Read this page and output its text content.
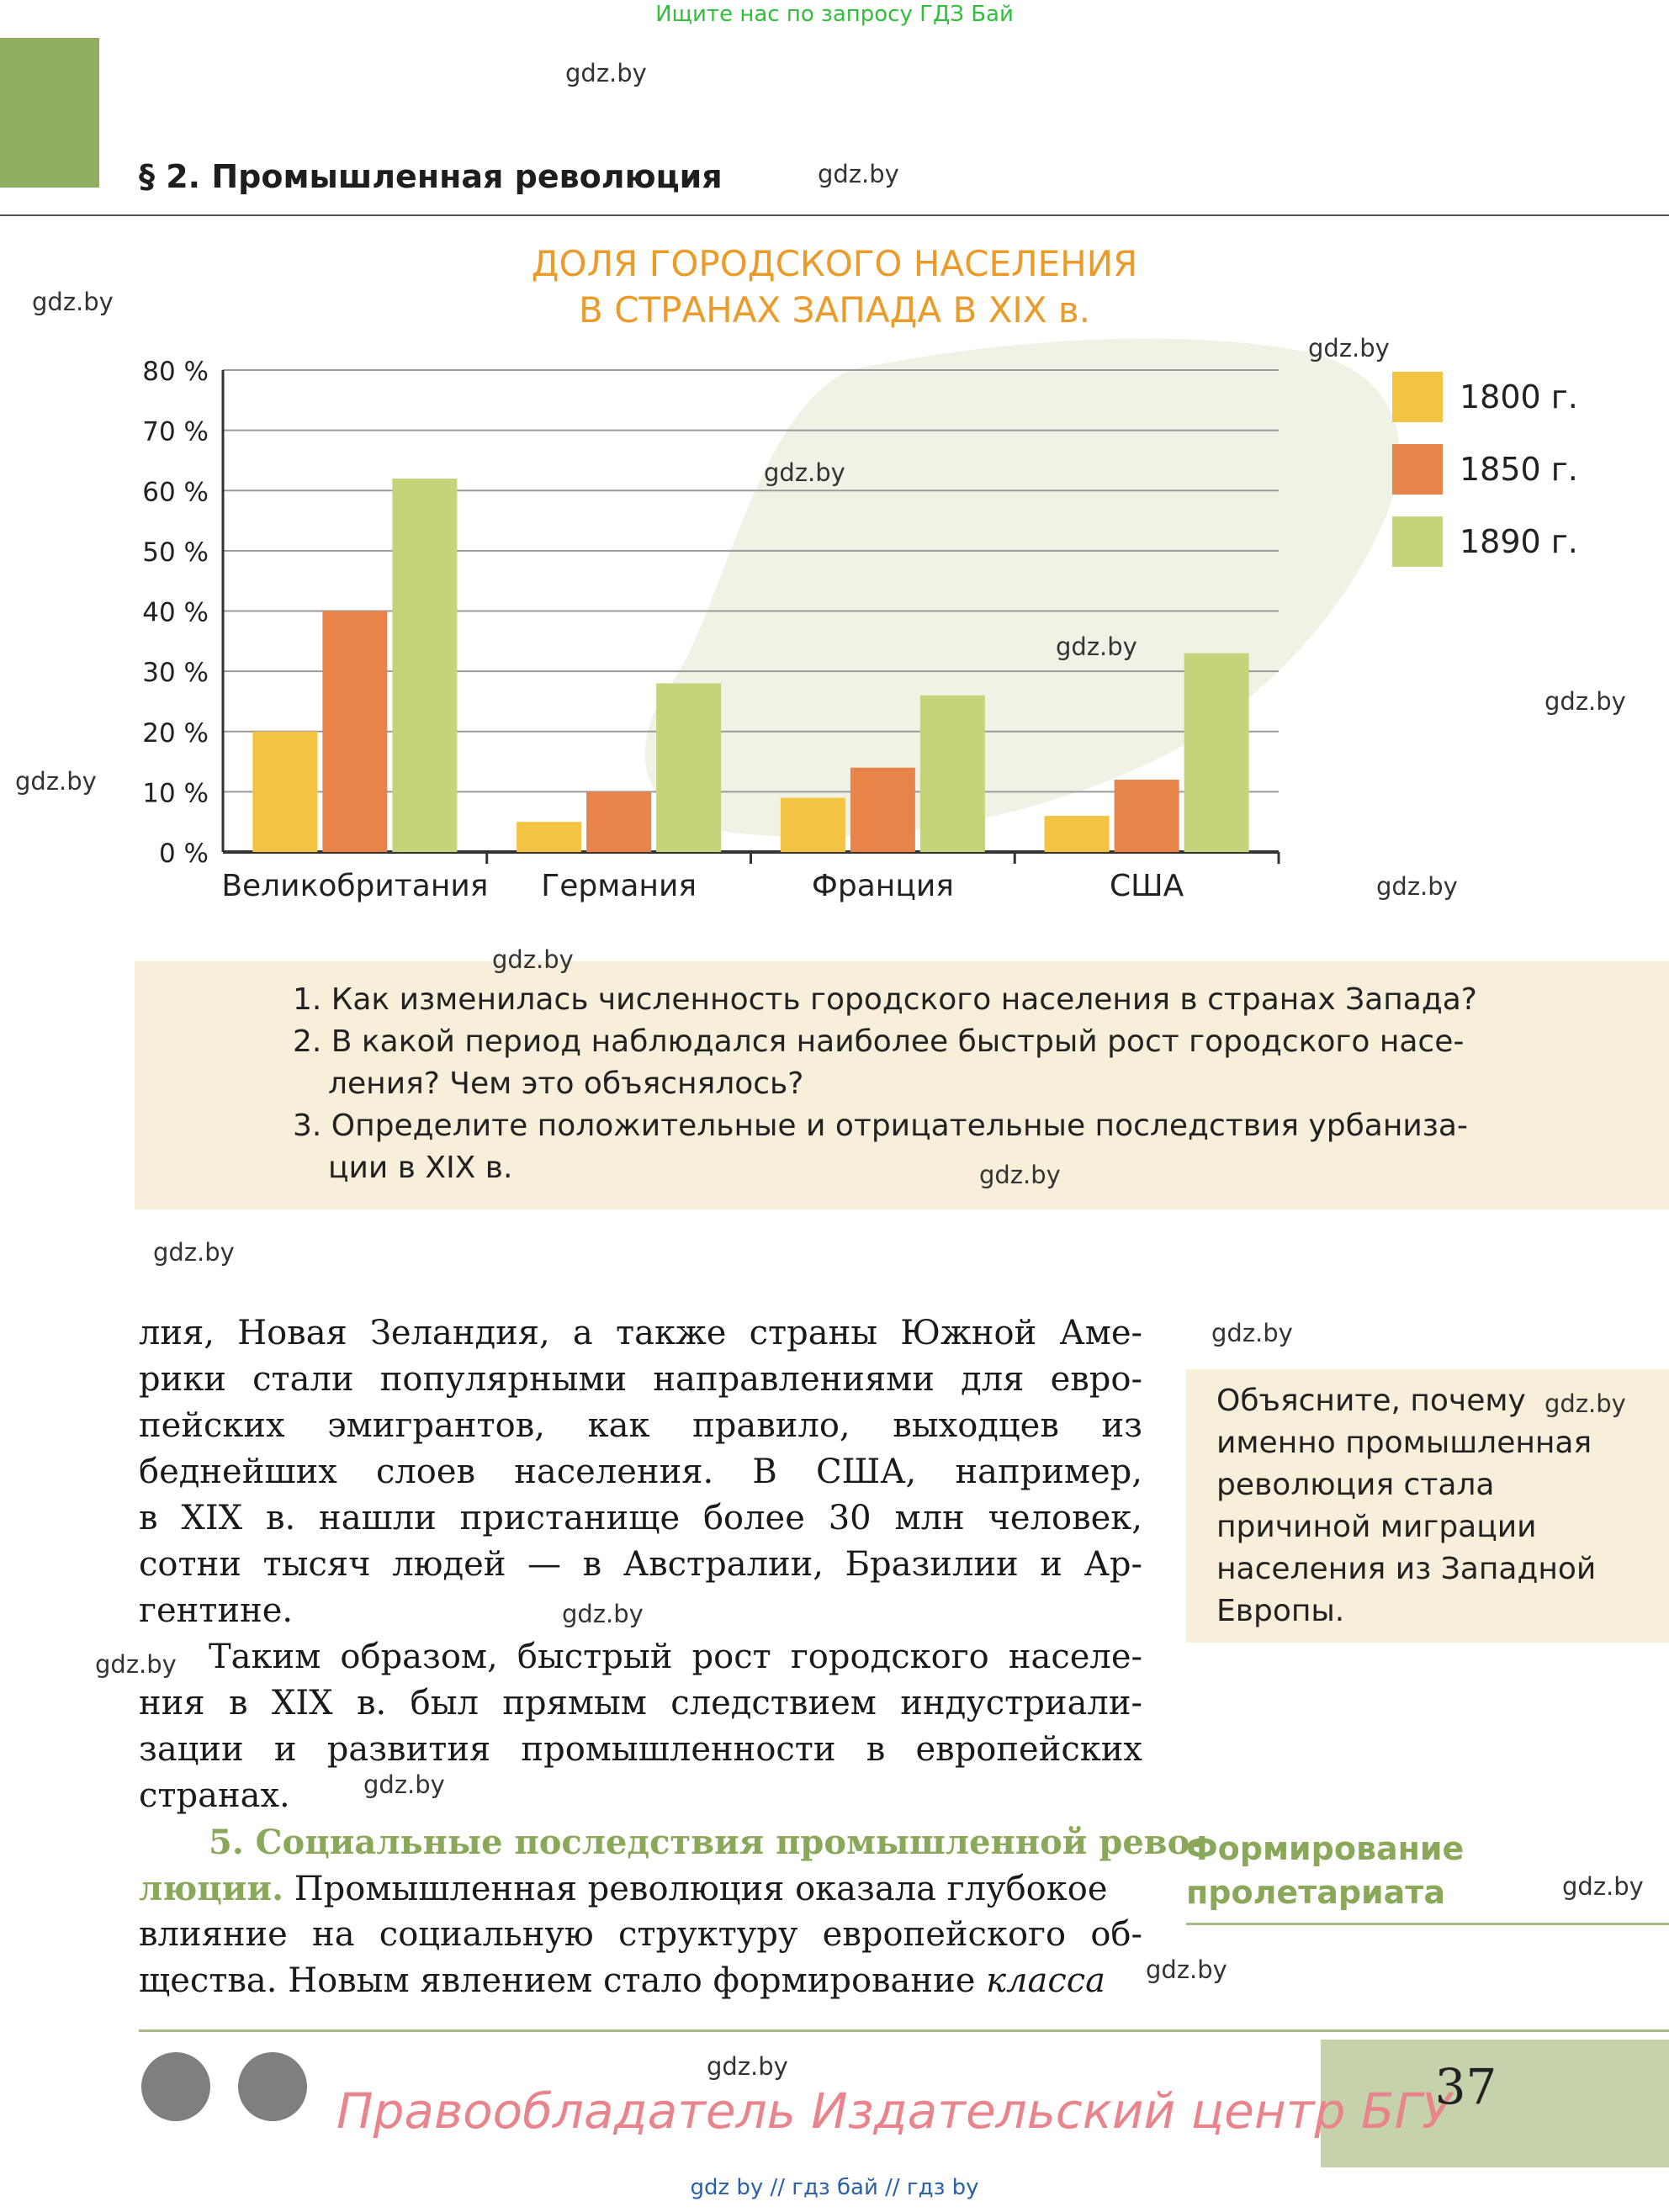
Ищите нас по запросу ГДЗ Бай
§ 2. Промышленная революция
ДОЛЯ ГОРОДСКОГО НАСЕЛЕНИЯ
В СТРАНАХ ЗАПАДА В XIX в.
0 %
10 %
20 %
30 %
40 %
50 %
60 %
70 %
80 %
Великобритания Германия	Франция	США
1800 г.
1850 г.
1890 г.
1. Как изменилась численность городского населения в странах Запада?
2. В какой период наблюдался наиболее быстрый рост городского насе-
ления? Чем это объяснялось?
3. Определите положительные и отрицательные последствия урбаниза-
ции в XIX в.
лия, Новая Зеландия, а также страны Южной Аме-
рики стали популярными направлениями для евро-
пейских эмигрантов, как правило, выходцев из
беднейших слоев населения. В США, например,
в XIX в. нашли пристанище более 30 млн человек,
сотни тысяч людей — в Австралии, Бразилии и Ар-
гентине.
Таким образом, быстрый рост городского населе-
ния в XIX в. был прямым следствием индустриали-
зации и развития промышленности в европейских
странах.
5. Социальные последствия промышленной рево-
люции. Промышленная революция оказала глубокое
влияние на социальную структуру европейского об-
щества. Новым явлением стало формирование класса
Объясните, почему
именно промышленная
революция стала
причиной миграции
населения из Западной
Европы.
Формирование
пролетариата
Правообладатель Издательский центр БГУ
37
gdz by // гдз бай // гдз by
gdz.by
gdz.by
gdz.by
gdz.by
gdz.by
gdz.by
gdz.by
gdz.by
gdz.by
gdz.by
gdz.by
gdz.by
gdz.by
gdz.by
gdz.by
gdz.by
gdz.by
gdz.by
gdz.by
gdz.by
